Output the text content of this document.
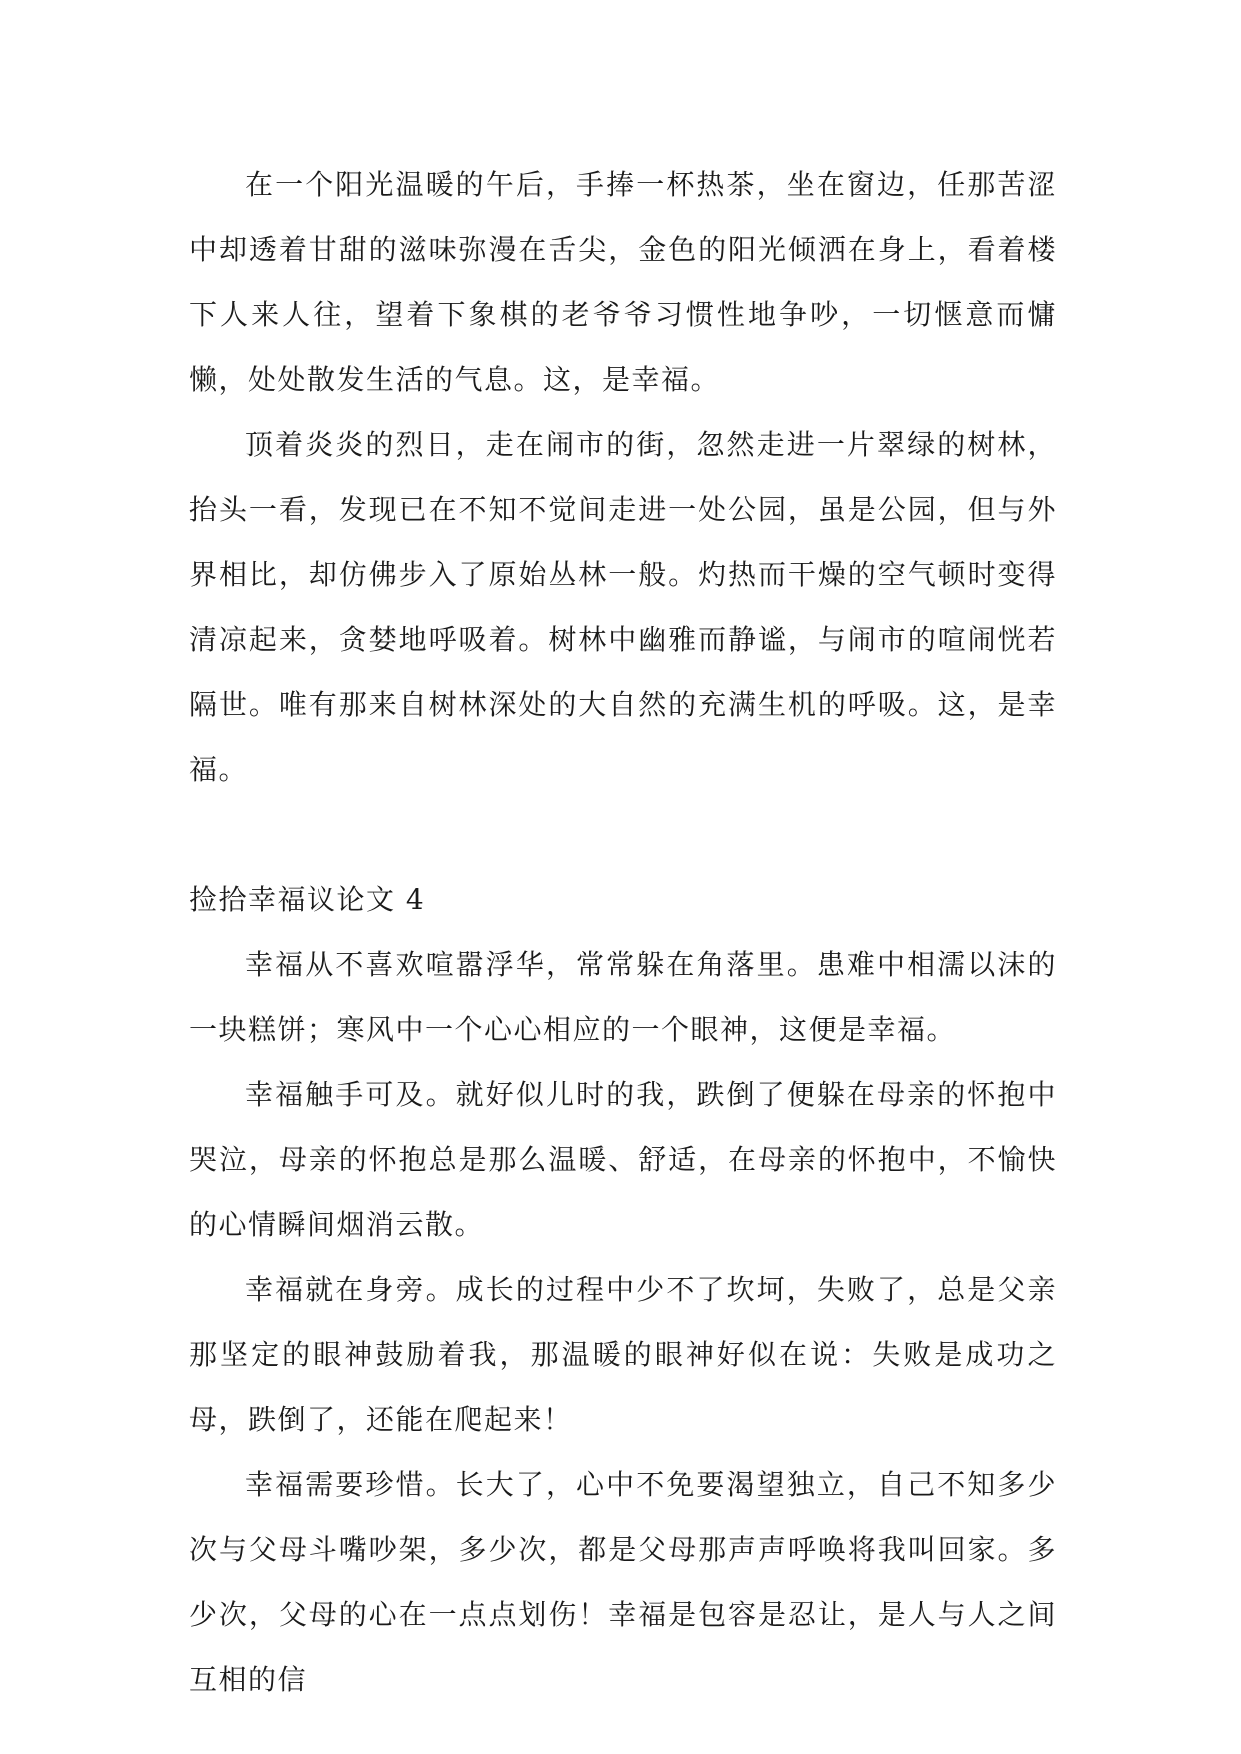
在一个阳光温暖的午后，手捧一杯热茶，坐在窗边，任那苦涩中却透着甘甜的滋味弥漫在舌尖，金色的阳光倾洒在身上，看着楼下人来人往，望着下象棋的老爷爷习惯性地争吵，一切惬意而慵懒，处处散发生活的气息。这，是幸福。

顶着炎炎的烈日，走在闹市的街，忽然走进一片翠绿的树林，抬头一看，发现已在不知不觉间走进一处公园，虽是公园，但与外界相比，却仿佛步入了原始丛林一般。灼热而干燥的空气顿时变得清凉起来，贪婪地呼吸着。树林中幽雅而静谧，与闹市的喧闹恍若隔世。唯有那来自树林深处的大自然的充满生机的呼吸。这，是幸福。

捡拾幸福议论文 4

幸福从不喜欢喧嚣浮华，常常躲在角落里。患难中相濡以沫的一块糕饼；寒风中一个心心相应的一个眼神，这便是幸福。

幸福触手可及。就好似儿时的我，跌倒了便躲在母亲的怀抱中哭泣，母亲的怀抱总是那么温暖、舒适，在母亲的怀抱中，不愉快的心情瞬间烟消云散。

幸福就在身旁。成长的过程中少不了坎坷，失败了，总是父亲那坚定的眼神鼓励着我，那温暖的眼神好似在说：失败是成功之母，跌倒了，还能在爬起来！

幸福需要珍惜。长大了，心中不免要渴望独立，自己不知多少次与父母斗嘴吵架，多少次，都是父母那声声呼唤将我叫回家。多少次，父母的心在一点点划伤！幸福是包容是忍让，是人与人之间互相的信
